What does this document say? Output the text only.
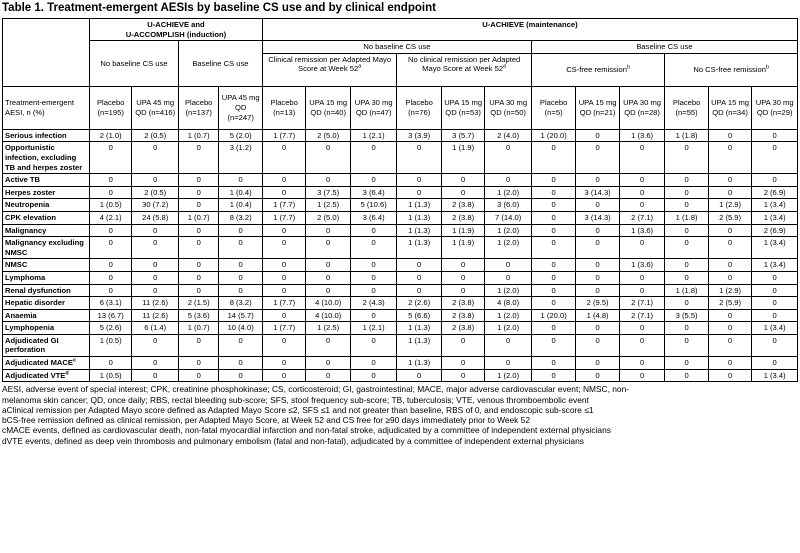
Table 1. Treatment-emergent AESIs by baseline CS use and by clinical endpoint

	U-ACHIEVE and
U-ACCOMPLISH (induction)				U-ACHIEVE (maintenance)											
	No baseline CS use		Baseline CS use		No baseline CS use						Baseline CS use					
					Clinical remission per Adapted Mayo Score at Week 52$^a$			No clinical remission per Adapted Mayo Score at Week 52$^a$			CS-free remission$^b$			No CS-free remission$^b$
Treatment-emergent AESI, n (%)	Placebo (n=195)	UPA 45 mg QD (n=416)	Placebo (n=137)	UPA 45 mg QD (n=247)	Placebo (n=13)	UPA 15 mg QD (n=40)	UPA 30 mg QD (n=47)	Placebo (n=76)	UPA 15 mg QD (n=53)	UPA 30 mg QD (n=50)	Placebo (n=5)	UPA 15 mg QD (n=21)	UPA 30 mg QD (n=28)	Placebo (n=55)	UPA 15 mg QD (n=34)	UPA 30 mg QD (n=29)
Serious infection	2 (1.0)	2 (0.5)	1 (0.7)	5 (2.0)	1 (7.7)	2 (5.0)	1 (2.1)	3 (3.9)	3 (5.7)	2 (4.0)	1 (20.0)	0	1 (3.6)	1 (1.8)	0	0
Opportunistic infection, excluding TB and herpes zoster	0	0	0	3 (1.2)	0	0	0	0	1 (1.9)	0	0	0	0	0	0	0
Active TB	0	0	0	0	0	0	0	0	0	0	0	0	0	0	0	0
Herpes zoster	0	2 (0.5)	0	1 (0.4)	0	3 (7.5)	3 (6.4)	0	0	1 (2.0)	0	3 (14.3)	0	0	0	2 (6.9)
Neutropenia	1 (0.5)	30 (7.2)	0	1 (0.4)	1 (7.7)	1 (2.5)	5 (10.6)	1 (1.3)	2 (3.8)	3 (6.0)	0	0	0	0	1 (2.9)	1 (3.4)
CPK elevation	4 (2.1)	24 (5.8)	1 (0.7)	8 (3.2)	1 (7.7)	2 (5.0)	3 (6.4)	1 (1.3)	2 (3.8)	7 (14.0)	0	3 (14.3)	2 (7.1)	1 (1.8)	2 (5.9)	1 (3.4)
Malignancy	0	0	0	0	0	0	0	1 (1.3)	1 (1.9)	1 (2.0)	0	0	1 (3.6)	0	0	2 (6.9)
Malignancy excluding NMSC	0	0	0	0	0	0	0	1 (1.3)	1 (1.9)	1 (2.0)	0	0	0	0	0	1 (3.4)
NMSC	0	0	0	0	0	0	0	0	0	0	0	0	1 (3.6)	0	0	1 (3.4)
Lymphoma	0	0	0	0	0	0	0	0	0	0	0	0	0	0	0	0
Renal dysfunction	0	0	0	0	0	0	0	0	0	1 (2.0)	0	0	0	1 (1.8)	1 (2.9)	0
Hepatic disorder	6 (3.1)	11 (2.6)	2 (1.5)	8 (3.2)	1 (7.7)	4 (10.0)	2 (4.3)	2 (2.6)	2 (3.8)	4 (8.0)	0	2 (9.5)	2 (7.1)	0	2 (5.9)	0
Anaemia	13 (6.7)	11 (2.6)	5 (3.6)	14 (5.7)	0	4 (10.0)	0	5 (6.6)	2 (3.8)	1 (2.0)	1 (20.0)	1 (4.8)	2 (7.1)	3 (5.5)	0	0
Lymphopenia	5 (2.6)	6 (1.4)	1 (0.7)	10 (4.0)	1 (7.7)	1 (2.5)	1 (2.1)	1 (1.3)	2 (3.8)	1 (2.0)	0	0	0	0	0	1 (3.4)
Adjudicated GI perforation	1 (0.5)	0	0	0	0	0	0	1 (1.3)	0	0	0	0	0	0	0	0
Adjudicated MACE$^c$	0	0	0	0	0	0	0	1 (1.3)	0	0	0	0	0	0	0	0
Adjudicated VTE$^d$	1 (0.5)	0	0	0	0	0	0	0	0	1 (2.0)	0	0	0	0	0	1 (3.4)
AESI, adverse event of special interest; CPK, creatinine phosphokinase; CS, corticosteroid; GI, gastrointestinal; MACE, major adverse cardiovascular event; NMSC, non-
melanoma skin cancer; QD, once daily; RBS, rectal bleeding sub-score; SFS, stool frequency sub-score; TB, tuberculosis; VTE, venous thromboembolic event
aClinical remission per Adapted Mayo score defined as Adapted Mayo Score ≤2, SFS ≤1 and not greater than baseline, RBS of 0, and endoscopic sub-score ≤1
bCS-free remission defined as clinical remission, per Adapted Mayo Score, at Week 52 and CS free for ≥90 days immediately prior to Week 52
cMACE events, defined as cardiovascular death, non-fatal myocardial infarction and non-fatal stroke, adjudicated by a committee of independent external physicians
dVTE events, defined as deep vein thrombosis and pulmonary embolism (fatal and non-fatal), adjudicated by a committee of independent external physicians
